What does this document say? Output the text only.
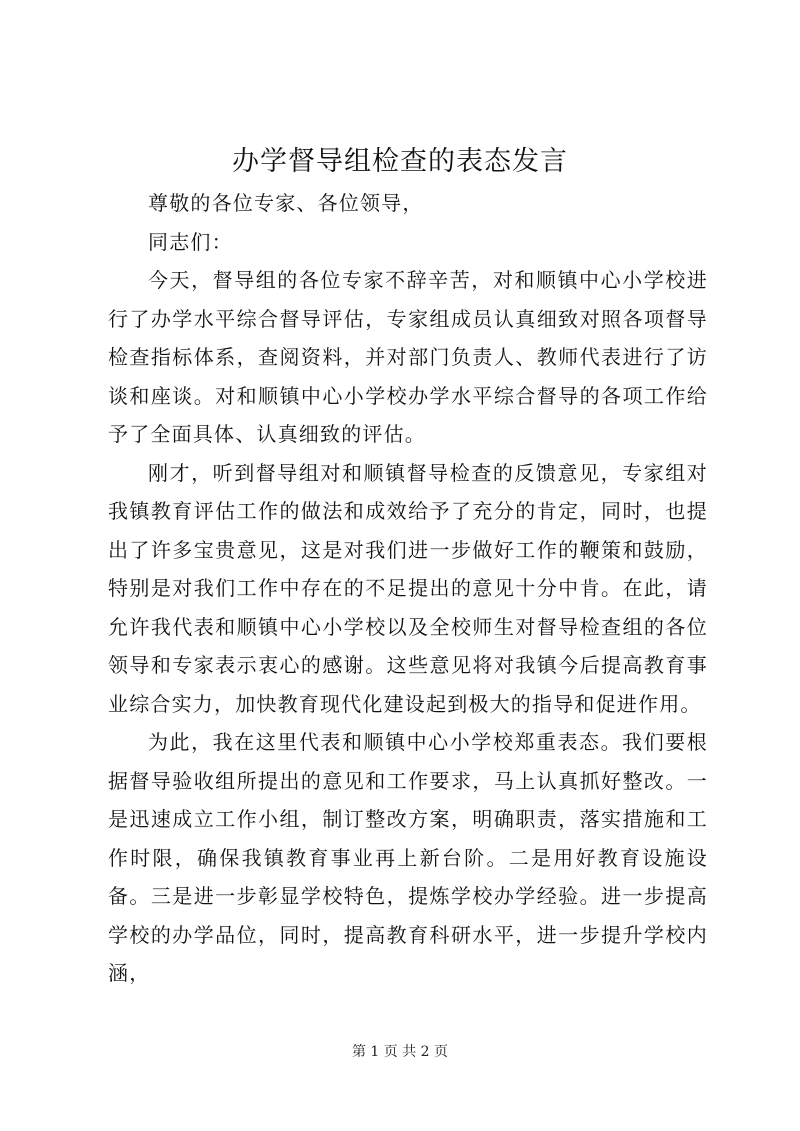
办学督导组检查的表态发言

尊敬的各位专家、各位领导，

同志们：

今天，督导组的各位专家不辞辛苦，对和顺镇中心小学校进行了办学水平综合督导评估，专家组成员认真细致对照各项督导检查指标体系，查阅资料，并对部门负责人、教师代表进行了访谈和座谈。对和顺镇中心小学校办学水平综合督导的各项工作给予了全面具体、认真细致的评估。

刚才，听到督导组对和顺镇督导检查的反馈意见，专家组对我镇教育评估工作的做法和成效给予了充分的肯定，同时，也提出了许多宝贵意见，这是对我们进一步做好工作的鞭策和鼓励，特别是对我们工作中存在的不足提出的意见十分中肯。在此，请允许我代表和顺镇中心小学校以及全校师生对督导检查组的各位领导和专家表示衷心的感谢。这些意见将对我镇今后提高教育事业综合实力，加快教育现代化建设起到极大的指导和促进作用。

为此，我在这里代表和顺镇中心小学校郑重表态。我们要根据督导验收组所提出的意见和工作要求，马上认真抓好整改。一是迅速成立工作小组，制订整改方案，明确职责，落实措施和工作时限，确保我镇教育事业再上新台阶。二是用好教育设施设备。三是进一步彰显学校特色，提炼学校办学经验。进一步提高学校的办学品位，同时，提高教育科研水平，进一步提升学校内涵，

第 1 页 共 2 页
